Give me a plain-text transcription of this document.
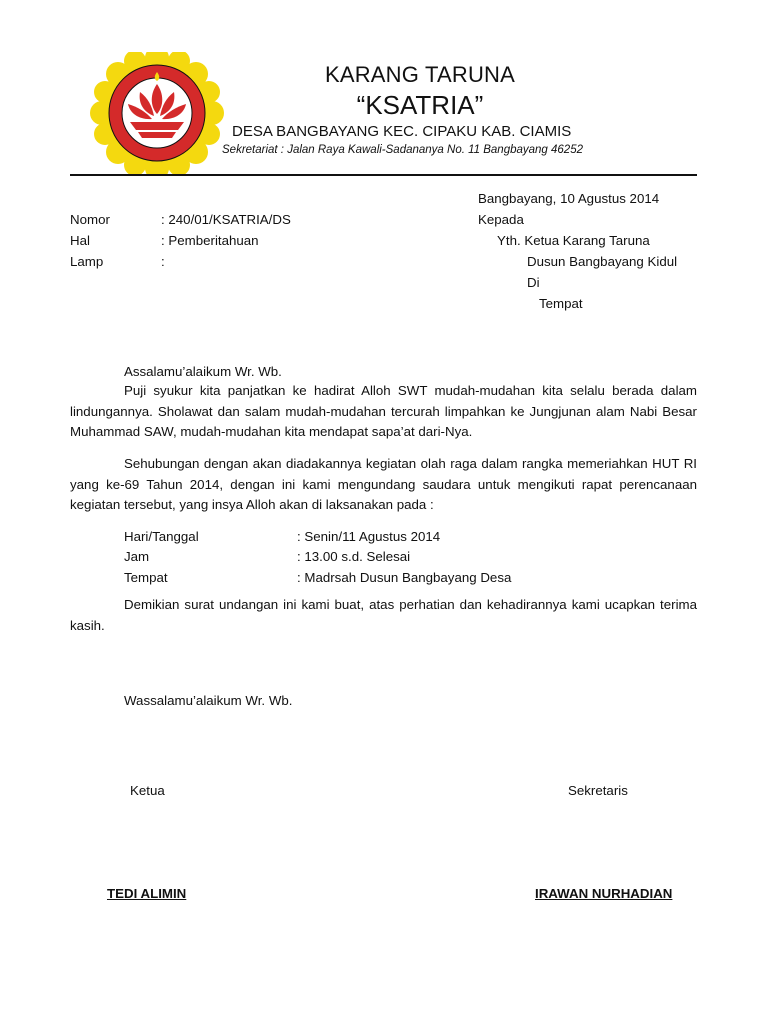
KARANG TARUNA
“KSATRIA”
DESA BANGBAYANG KEC. CIPAKU KAB. CIAMIS
Sekretariat : Jalan Raya Kawali-Sadananya No. 11 Bangbayang 46252
Bangbayang, 10 Agustus 2014
Nomor	: 240/01/KSATRIA/DS
Hal	: Pemberitahuan
Lamp	:
Kepada
Yth. Ketua Karang Taruna
Dusun Bangbayang Kidul
Di
Tempat
Assalamu’alaikum Wr. Wb.
Puji syukur kita panjatkan ke hadirat Alloh SWT mudah-mudahan kita selalu berada dalam lindungannya. Sholawat dan salam mudah-mudahan tercurah limpahkan ke Jungjunan alam Nabi Besar Muhammad SAW, mudah-mudahan kita mendapat sapa’at dari-Nya.
Sehubungan dengan akan diadakannya kegiatan olah raga dalam rangka memeriahkan HUT RI yang ke-69 Tahun 2014, dengan ini kami mengundang saudara untuk mengikuti rapat perencanaan kegiatan tersebut, yang insya Alloh akan di laksanakan pada :
Hari/Tanggal	: Senin/11 Agustus 2014
Jam	: 13.00 s.d. Selesai
Tempat	: Madrsah Dusun Bangbayang Desa
Demikian surat undangan ini kami buat, atas perhatian dan kehadirannya kami ucapkan terima kasih.
Wassalamu’alaikum Wr. Wb.
Ketua	Sekretaris
TEDI ALIMIN	IRAWAN NURHADIAN
